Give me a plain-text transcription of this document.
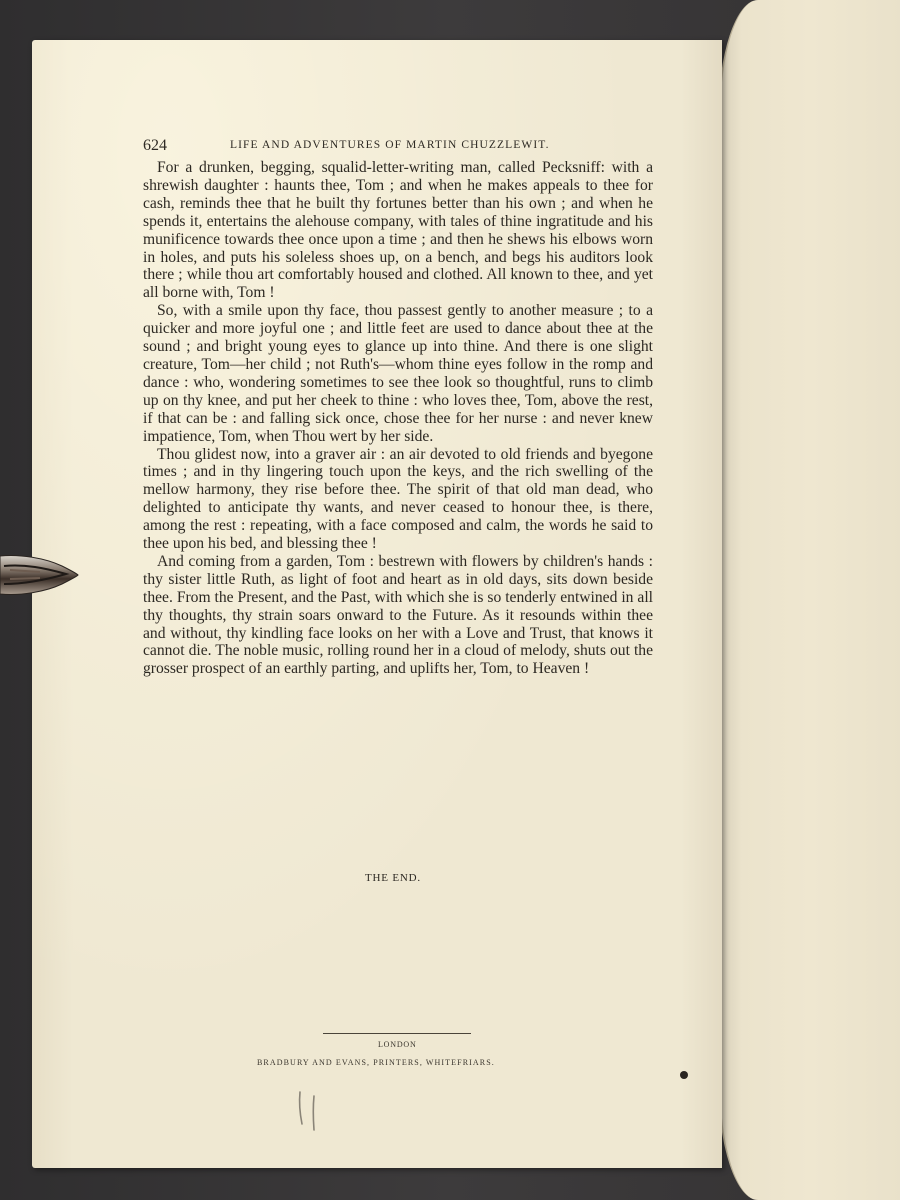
624	LIFE AND ADVENTURES OF MARTIN CHUZZLEWIT.

For a drunken, begging, squalid-letter-writing man, called Pecksniff: with a shrewish daughter : haunts thee, Tom ; and when he makes appeals to thee for cash, reminds thee that he built thy fortunes better than his own ; and when he spends it, entertains the alehouse company, with tales of thine ingratitude and his munificence towards thee once upon a time ; and then he shews his elbows worn in holes, and puts his soleless shoes up, on a bench, and begs his auditors look there ; while thou art comfortably housed and clothed. All known to thee, and yet all borne with, Tom !

So, with a smile upon thy face, thou passest gently to another measure ; to a quicker and more joyful one ; and little feet are used to dance about thee at the sound ; and bright young eyes to glance up into thine. And there is one slight creature, Tom—her child ; not Ruth's—whom thine eyes follow in the romp and dance : who, wondering sometimes to see thee look so thoughtful, runs to climb up on thy knee, and put her cheek to thine : who loves thee, Tom, above the rest, if that can be : and falling sick once, chose thee for her nurse : and never knew impatience, Tom, when Thou wert by her side.

Thou glidest now, into a graver air : an air devoted to old friends and byegone times ; and in thy lingering touch upon the keys, and the rich swelling of the mellow harmony, they rise before thee. The spirit of that old man dead, who delighted to anticipate thy wants, and never ceased to honour thee, is there, among the rest : repeating, with a face composed and calm, the words he said to thee upon his bed, and blessing thee !

And coming from a garden, Tom : bestrewn with flowers by children's hands : thy sister little Ruth, as light of foot and heart as in old days, sits down beside thee. From the Present, and the Past, with which she is so tenderly entwined in all thy thoughts, thy strain soars onward to the Future. As it resounds within thee and without, thy kindling face looks on her with a Love and Trust, that knows it cannot die. The noble music, rolling round her in a cloud of melody, shuts out the grosser prospect of an earthly parting, and uplifts her, Tom, to Heaven !

THE END.
LONDON
BRADBURY AND EVANS, PRINTERS, WHITEFRIARS.
